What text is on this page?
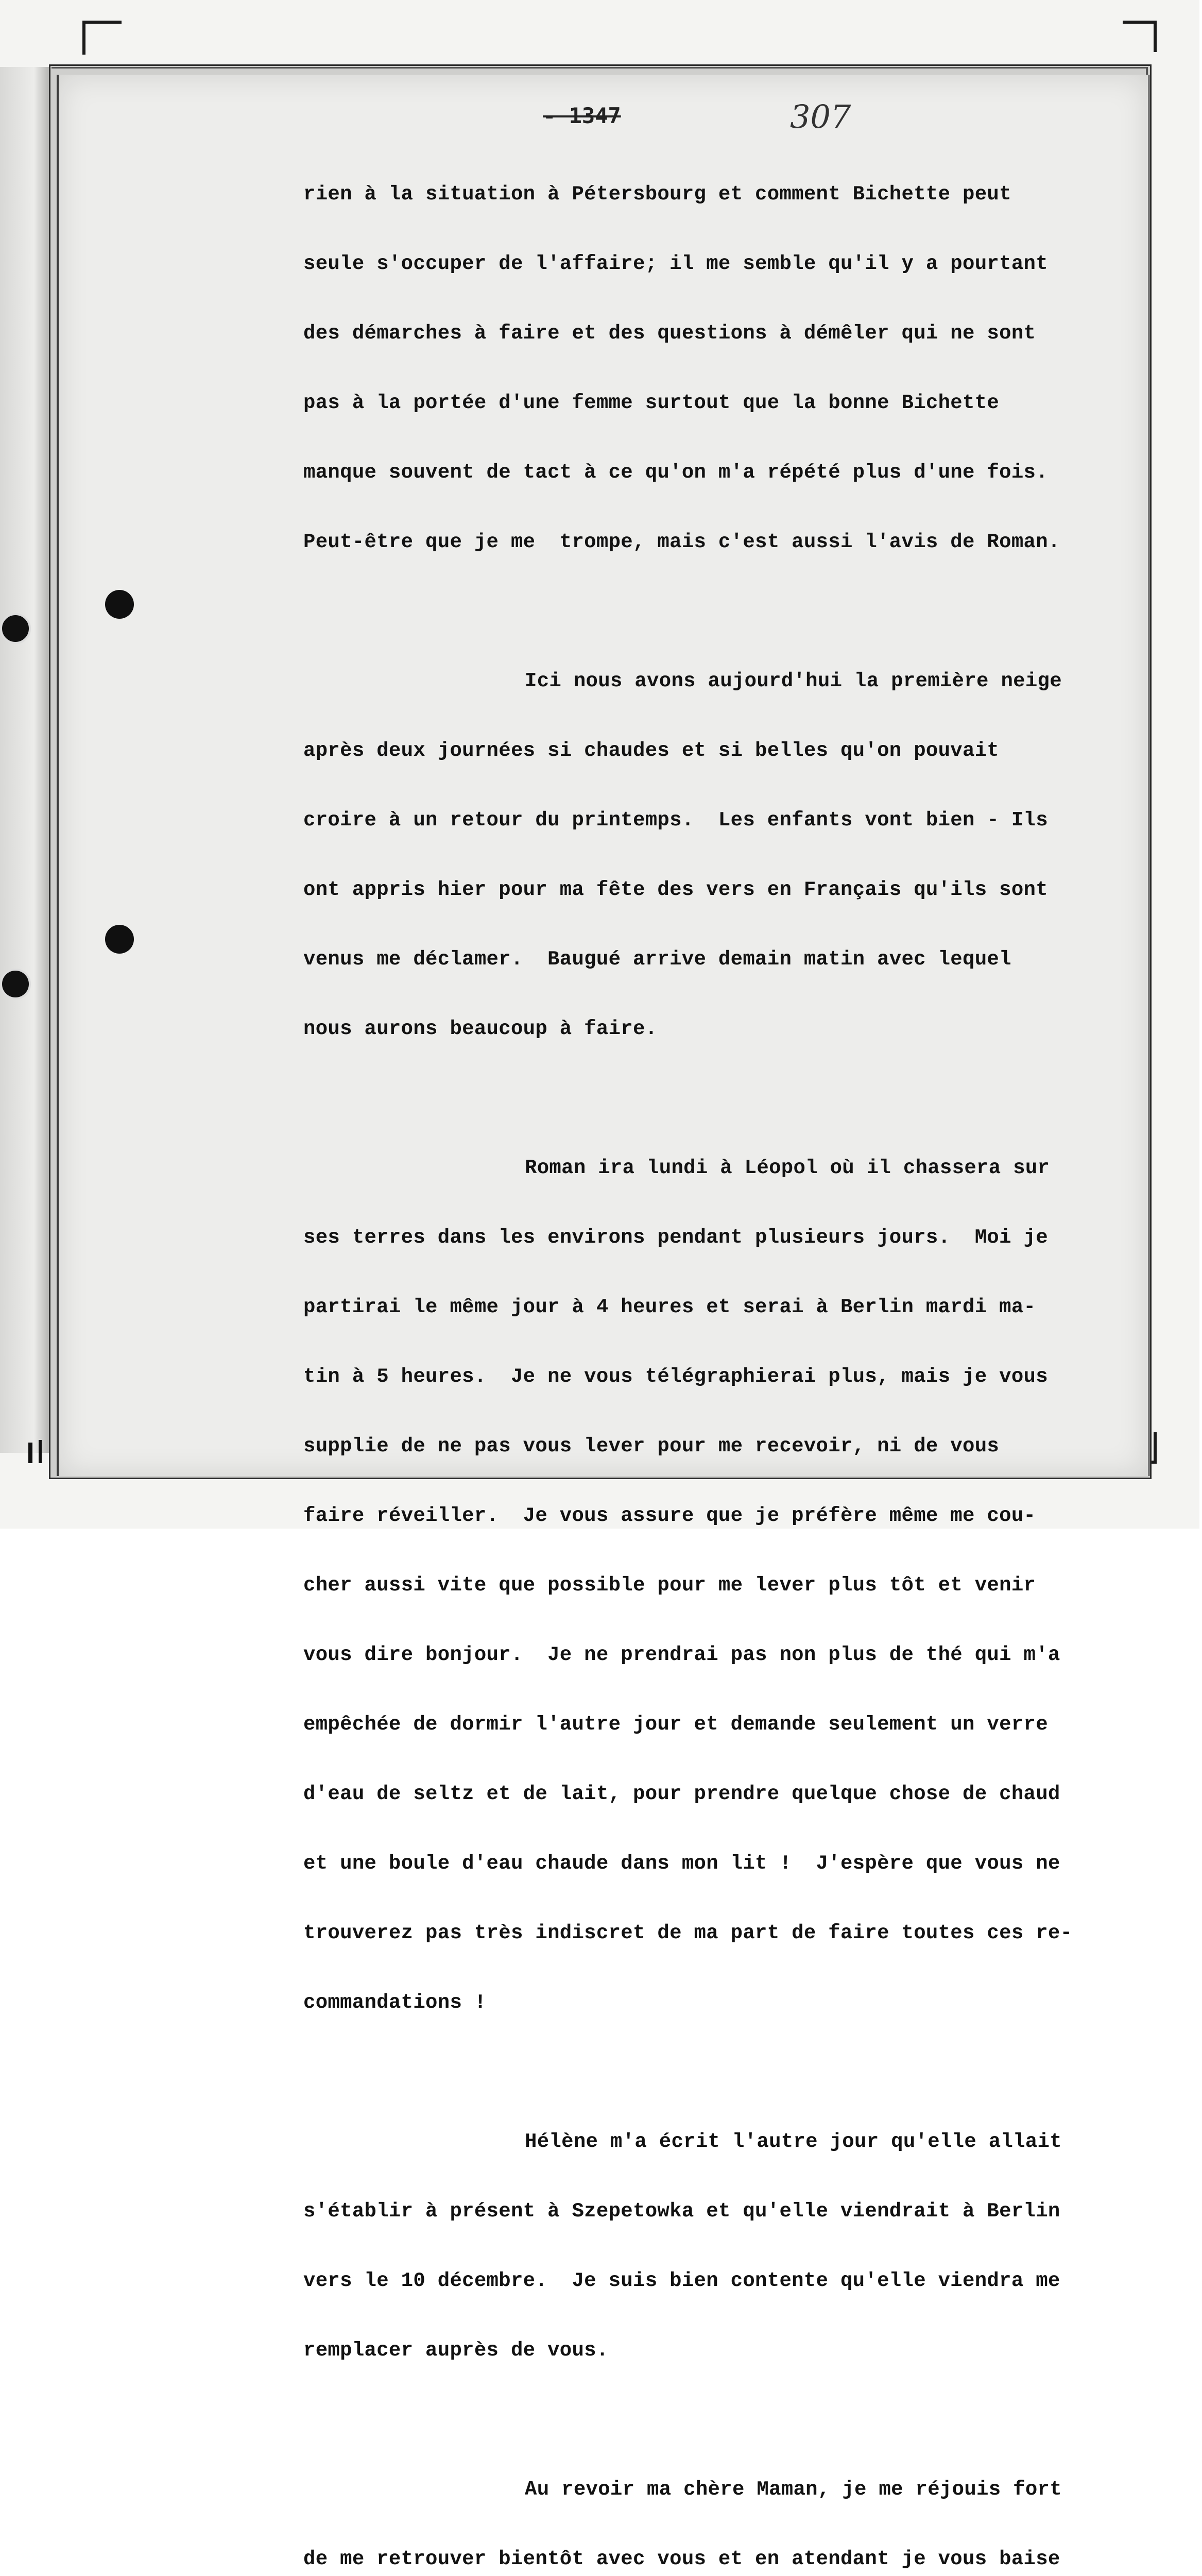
- 1347	307

rien à la situation à Pétersbourg et comment Bichette peut

seule s'occuper de l'affaire; il me semble qu'il y a pourtant

des démarches à faire et des questions à démêler qui ne sont

pas à la portée d'une femme surtout que la bonne Bichette

manque souvent de tact à ce qu'on m'a répété plus d'une fois.

Peut-être que je me  trompe, mais c'est aussi l'avis de Roman.

Ici nous avons aujourd'hui la première neige

après deux journées si chaudes et si belles qu'on pouvait

croire à un retour du printemps.  Les enfants vont bien - Ils

ont appris hier pour ma fête des vers en Français qu'ils sont

venus me déclamer.  Baugué arrive demain matin avec lequel

nous aurons beaucoup à faire.

Roman ira lundi à Léopol où il chassera sur

ses terres dans les environs pendant plusieurs jours.  Moi je

partirai le même jour à 4 heures et serai à Berlin mardi ma-

tin à 5 heures.  Je ne vous télégraphierai plus, mais je vous

supplie de ne pas vous lever pour me recevoir, ni de vous

faire réveiller.  Je vous assure que je préfère même me cou-

cher aussi vite que possible pour me lever plus tôt et venir

vous dire bonjour.  Je ne prendrai pas non plus de thé qui m'a

empêchée de dormir l'autre jour et demande seulement un verre

d'eau de seltz et de lait, pour prendre quelque chose de chaud

et une boule d'eau chaude dans mon lit !  J'espère que vous ne

trouverez pas très indiscret de ma part de faire toutes ces re-

commandations !

Hélène m'a écrit l'autre jour qu'elle allait

s'établir à présent à Szepetowka et qu'elle viendrait à Berlin

vers le 10 décembre.  Je suis bien contente qu'elle viendra me

remplacer auprès de vous.

Au revoir ma chère Maman, je me réjouis fort

de me retrouver bientôt avec vous et en atendant je vous baise
